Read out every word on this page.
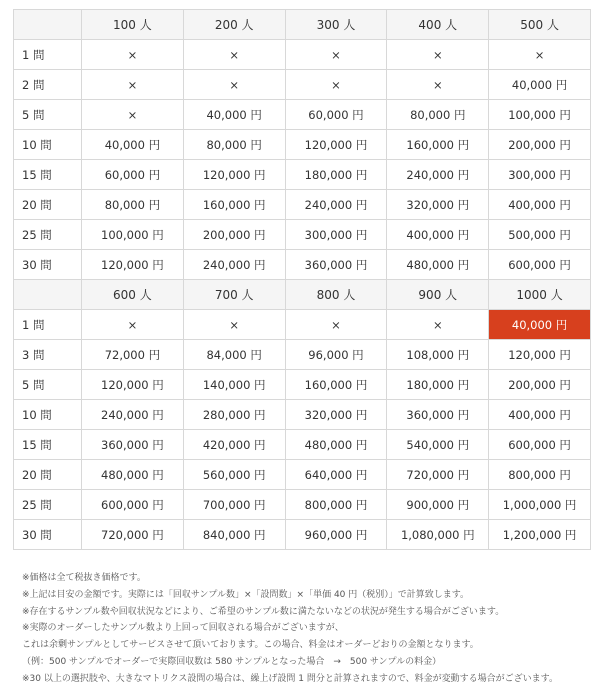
	100 人	200 人	300 人	400 人	500 人
1 問	×	×	×	×	×
2 問	×	×	×	×	40,000 円
5 問	×	40,000 円	60,000 円	80,000 円	100,000 円
10 問	40,000 円	80,000 円	120,000 円	160,000 円	200,000 円
15 問	60,000 円	120,000 円	180,000 円	240,000 円	300,000 円
20 問	80,000 円	160,000 円	240,000 円	320,000 円	400,000 円
25 問	100,000 円	200,000 円	300,000 円	400,000 円	500,000 円
30 問	120,000 円	240,000 円	360,000 円	480,000 円	600,000 円
	600 人	700 人	800 人	900 人	1000 人
1 問	×	×	×	×	40,000 円
3 問	72,000 円	84,000 円	96,000 円	108,000 円	120,000 円
5 問	120,000 円	140,000 円	160,000 円	180,000 円	200,000 円
10 問	240,000 円	280,000 円	320,000 円	360,000 円	400,000 円
15 問	360,000 円	420,000 円	480,000 円	540,000 円	600,000 円
20 問	480,000 円	560,000 円	640,000 円	720,000 円	800,000 円
25 問	600,000 円	700,000 円	800,000 円	900,000 円	1,000,000 円
30 問	720,000 円	840,000 円	960,000 円	1,080,000 円	1,200,000 円
※価格は全て税抜き価格です。
※上記は目安の金額です。実際には「回収サンプル数」×「設問数」×「単価 40 円（税別）」で計算致します。
※存在するサンプル数や回収状況などにより、ご希望のサンプル数に満たないなどの状況が発生する場合がございます。
※実際のオーダーしたサンプル数より上回って回収される場合がございますが、
これは余剰サンプルとしてサービスさせて頂いております。この場合、料金はオーダーどおりの金額となります。
（例：500 サンプルでオーダーで実際回収数は 580 サンプルとなった場合　→　500 サンプルの料金）
※30 以上の選択肢や、大きなマトリクス設問の場合は、繰上げ設問 1 問分と計算されますので、料金が変動する場合がございます。
